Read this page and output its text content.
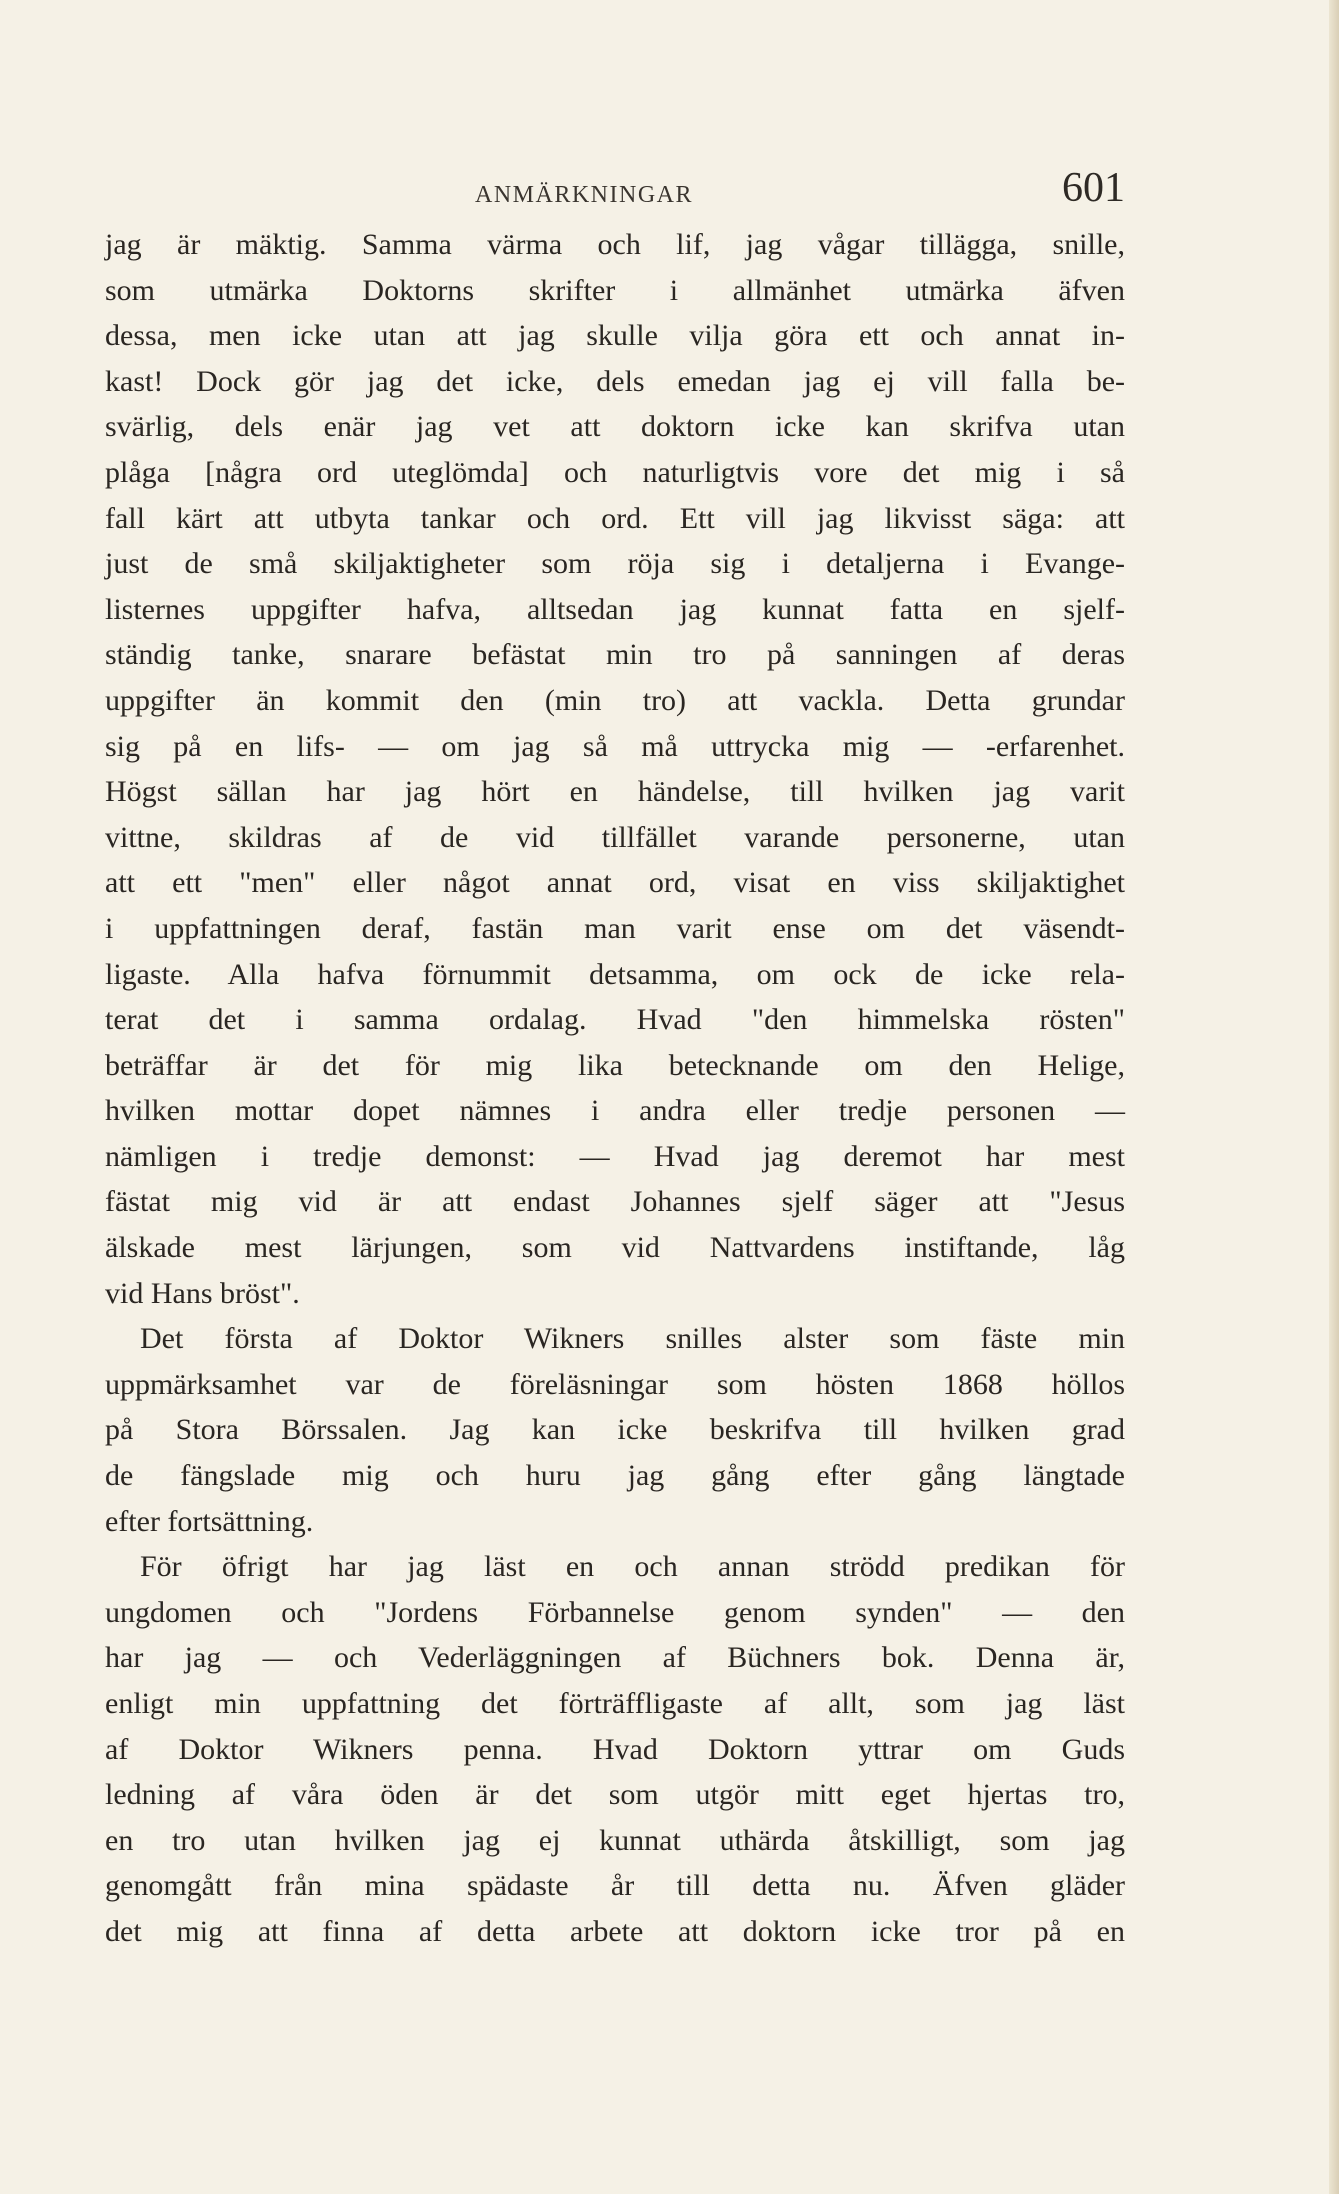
ANMÄRKNINGAR	601
jag är mäktig. Samma värma och lif, jag vågar tillägga, snille,
som utmärka Doktorns skrifter i allmänhet utmärka äfven
dessa, men icke utan att jag skulle vilja göra ett och annat in-
kast! Dock gör jag det icke, dels emedan jag ej vill falla be-
svärlig, dels enär jag vet att doktorn icke kan skrifva utan
plåga [några ord uteglömda] och naturligtvis vore det mig i så
fall kärt att utbyta tankar och ord. Ett vill jag likvisst säga: att
just de små skiljaktigheter som röja sig i detaljerna i Evange-
listernes uppgifter hafva, alltsedan jag kunnat fatta en sjelf-
ständig tanke, snarare befästat min tro på sanningen af deras
uppgifter än kommit den (min tro) att vackla. Detta grundar
sig på en lifs- — om jag så må uttrycka mig — -erfarenhet.
Högst sällan har jag hört en händelse, till hvilken jag varit
vittne, skildras af de vid tillfället varande personerne, utan
att ett "men" eller något annat ord, visat en viss skiljaktighet
i uppfattningen deraf, fastän man varit ense om det väsendt-
ligaste. Alla hafva förnummit detsamma, om ock de icke rela-
terat det i samma ordalag. Hvad "den himmelska rösten"
beträffar är det för mig lika betecknande om den Helige,
hvilken mottar dopet nämnes i andra eller tredje personen —
nämligen i tredje demonst: — Hvad jag deremot har mest
fästat mig vid är att endast Johannes sjelf säger att "Jesus
älskade mest lärjungen, som vid Nattvardens instiftande, låg
vid Hans bröst".
Det första af Doktor Wikners snilles alster som fäste min
uppmärksamhet var de föreläsningar som hösten 1868 höllos
på Stora Börssalen. Jag kan icke beskrifva till hvilken grad
de fängslade mig och huru jag gång efter gång längtade
efter fortsättning.
För öfrigt har jag läst en och annan strödd predikan för
ungdomen och "Jordens Förbannelse genom synden" — den
har jag — och Vederläggningen af Büchners bok. Denna är,
enligt min uppfattning det förträffligaste af allt, som jag läst
af Doktor Wikners penna. Hvad Doktorn yttrar om Guds
ledning af våra öden är det som utgör mitt eget hjertas tro,
en tro utan hvilken jag ej kunnat uthärda åtskilligt, som jag
genomgått från mina spädaste år till detta nu. Äfven gläder
det mig att finna af detta arbete att doktorn icke tror på en
